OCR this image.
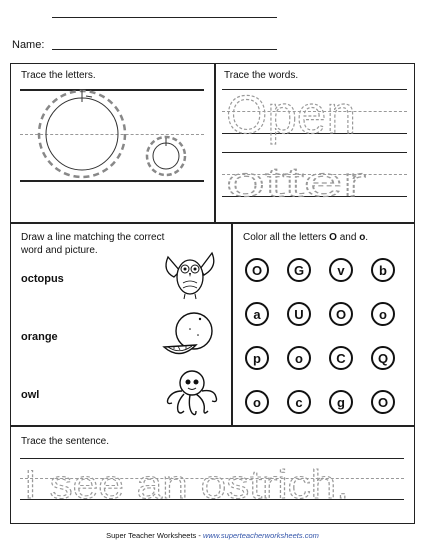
Name:
Trace the letters.	Trace the words.
Open
otter
Draw a line matching the correct
word and picture.
octopus
orange
owl
Color all the letters O and o.
O	G	v	b
a	U	O	o
p	o	C	Q
o	c	g	O
Trace the sentence.
I see an ostrich.
Super Teacher Worksheets - www.superteacherworksheets.com
